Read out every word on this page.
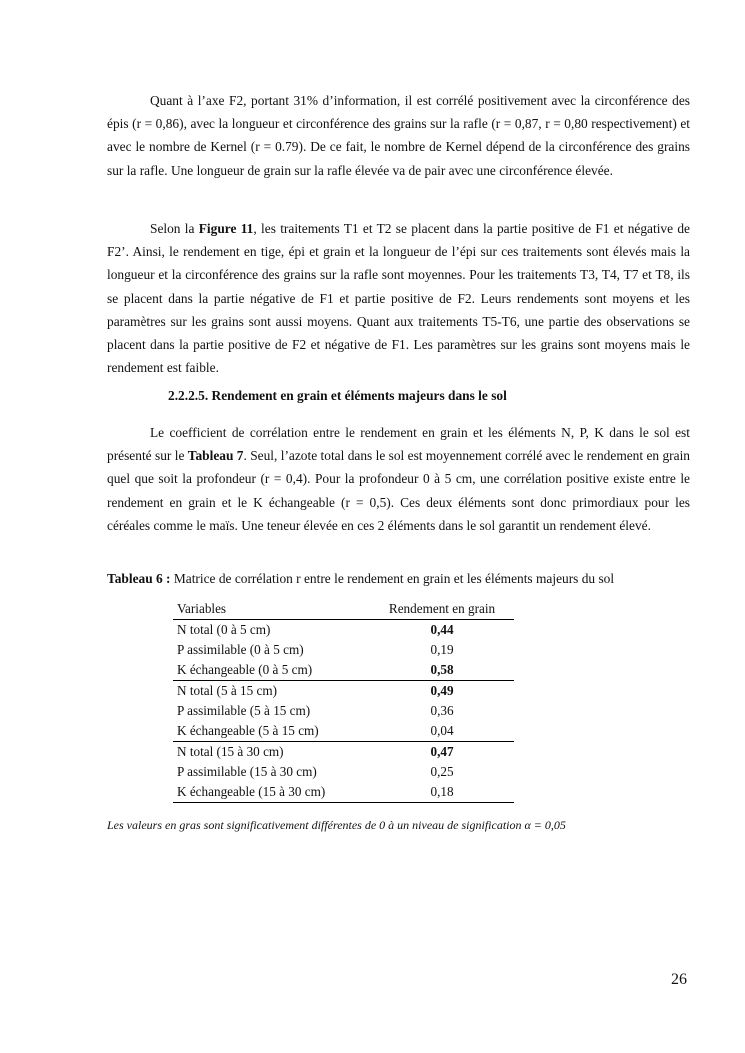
Quant à l’axe F2, portant 31% d’information, il est corrélé positivement avec la circonférence des épis (r = 0,86), avec la longueur et circonférence des grains sur la rafle (r = 0,87, r = 0,80 respectivement) et avec le nombre de Kernel (r = 0.79). De ce fait, le nombre de Kernel dépend de la circonférence des grains sur la rafle. Une longueur de grain sur la rafle élevée va de pair avec une circonférence élevée.

Selon la Figure 11, les traitements T1 et T2 se placent dans la partie positive de F1 et négative de F2’. Ainsi, le rendement en tige, épi et grain et la longueur de l’épi sur ces traitements sont élevés mais la longueur et la circonférence des grains sur la rafle sont moyennes. Pour les traitements T3, T4, T7 et T8, ils se placent dans la partie négative de F1 et partie positive de F2. Leurs rendements sont moyens et les paramètres sur les grains sont aussi moyens. Quant aux traitements T5-T6, une partie des observations se placent dans la partie positive de F2 et négative de F1. Les paramètres sur les grains sont moyens mais le rendement est faible.

2.2.2.5. Rendement en grain et éléments majeurs dans le sol

Le coefficient de corrélation entre le rendement en grain et les éléments N, P, K dans le sol est présenté sur le Tableau 7. Seul, l’azote total dans le sol est moyennement corrélé avec le rendement en grain quel que soit la profondeur (r = 0,4). Pour la profondeur 0 à 5 cm, une corrélation positive existe entre le rendement en grain et le K échangeable (r = 0,5). Ces deux éléments sont donc primordiaux pour les céréales comme le maïs. Une teneur élevée en ces 2 éléments dans le sol garantit un rendement élevé.

Tableau 6 : Matrice de corrélation r entre le rendement en grain et les éléments majeurs du sol

Variables	Rendement en grain
N total (0 à 5 cm)	0,44
P assimilable (0 à 5 cm)	0,19
K échangeable (0 à 5 cm)	0,58
N total (5 à 15 cm)	0,49
P assimilable (5 à 15 cm)	0,36
K échangeable (5 à 15 cm)	0,04
N total (15 à 30 cm)	0,47
P assimilable (15 à 30 cm)	0,25
K échangeable (15 à 30 cm)	0,18

Les valeurs en gras sont significativement différentes de 0 à un niveau de signification α = 0,05

26
